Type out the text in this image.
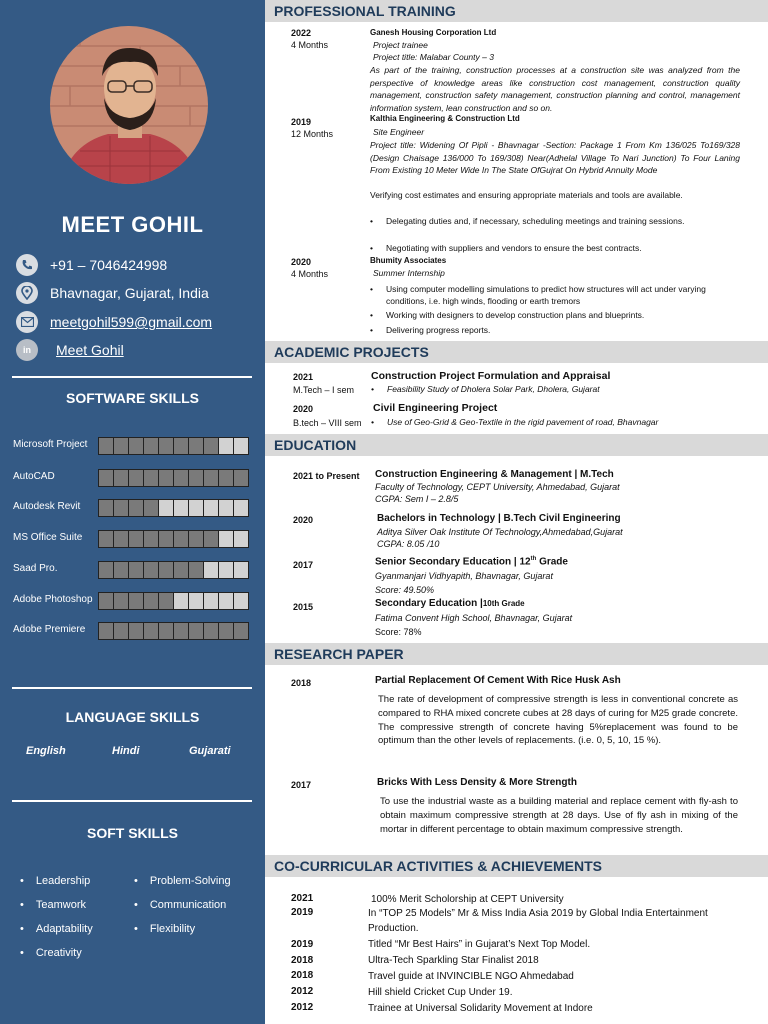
MEET GOHIL
+91 – 7046424998
Bhavnagar, Gujarat, India
meetgohil599@gmail.com
in	Meet Gohil
SOFTWARE SKILLS
Microsoft Project
AutoCAD
Autodesk Revit
MS Office Suite
Saad Pro.
Adobe Photoshop
Adobe Premiere
LANGUAGE SKILLS
English	Hindi	Gujarati
SOFT SKILLS
• Leadership
• Teamwork
• Adaptability
• Creativity
• Problem-Solving
• Communication
• Flexibility
PROFESSIONAL TRAINING
2022
4 Months
Ganesh Housing Corporation Ltd
Project trainee
Project title: Malabar County – 3
As part of the training, construction processes at a construction site was analyzed from the perspective of knowledge areas like construction cost management, construction quality management, construction safety management, construction planning and control, management information system, lean construction and so on.
2019
12 Months
Kalthia Engineering & Construction Ltd
Site Engineer
Project title: Widening Of Pipli - Bhavnagar -Section: Package 1 From Km 136/025 To169/328 (Design Chaisage 136/000 To 169/308) Near(Adhelal Village To Nari Junction) To Four Laning From Existing 10 Meter Wide In The State OfGujrat On Hybrid Annuity Mode
Verifying cost estimates and ensuring appropriate materials and tools are available.
• Delegating duties and, if necessary, scheduling meetings and training sessions.
• Negotiating with suppliers and vendors to ensure the best contracts.
2020
4 Months
Bhumity Associates
Summer Internship
• Using computer modelling simulations to predict how structures will act under varying conditions, i.e. high winds, flooding or earth tremors
• Working with designers to develop construction plans and blueprints.
• Delivering progress reports.
ACADEMIC PROJECTS
2021
M.Tech – I sem
Construction Project Formulation and Appraisal
• Feasibility Study of Dholera Solar Park, Dholera, Gujarat
2020
B.tech – VIII sem
Civil Engineering Project
• Use of Geo-Grid & Geo-Textile in the rigid pavement of road, Bhavnagar
EDUCATION
2021 to Present Construction Engineering & Management | M.Tech
Faculty of Technology, CEPT University, Ahmedabad, Gujarat
CGPA: Sem I – 2.8/5
2020	Bachelors in Technology | B.Tech Civil Engineering
Aditya Silver Oak Institute Of Technology,Ahmedabad,Gujarat
CGPA: 8.05 /10
2017	Senior Secondary Education | 12th Grade
Gyanmanjari Vidhyapith, Bhavnagar, Gujarat
Score: 49.50%
2015	Secondary Education |10th Grade
Fatima Convent High School, Bhavnagar, Gujarat
Score: 78%
RESEARCH PAPER
2018	Partial Replacement Of Cement With Rice Husk Ash
The rate of development of compressive strength is less in conventional concrete as compared to RHA mixed concrete cubes at 28 days of curing for M25 grade concrete. The compressive strength of concrete having 5%replacement was found to be optimum than the other levels of replacements. (i.e. 0, 5, 10, 15 %).
2017	Bricks With Less Density & More Strength
To use the industrial waste as a building material and replace cement with fly-ash to obtain maximum compressive strength at 28 days. Use of fly ash in mixing of the mortar in different percentage to obtain maximum compressive strength.
CO-CURRICULAR ACTIVITIES & ACHIEVEMENTS
2021	100% Merit Scholorship at CEPT University
2019	In “TOP 25 Models” Mr & Miss India Asia 2019 by Global India Entertainment Production.
2019	Titled “Mr Best Hairs” in Gujarat’s Next Top Model.
2018	Ultra-Tech Sparkling Star Finalist 2018
2018	Travel guide at INVINCIBLE NGO Ahmedabad
2012	Hill shield Cricket Cup Under 19.
2012	Trainee at Universal Solidarity Movement at Indore
